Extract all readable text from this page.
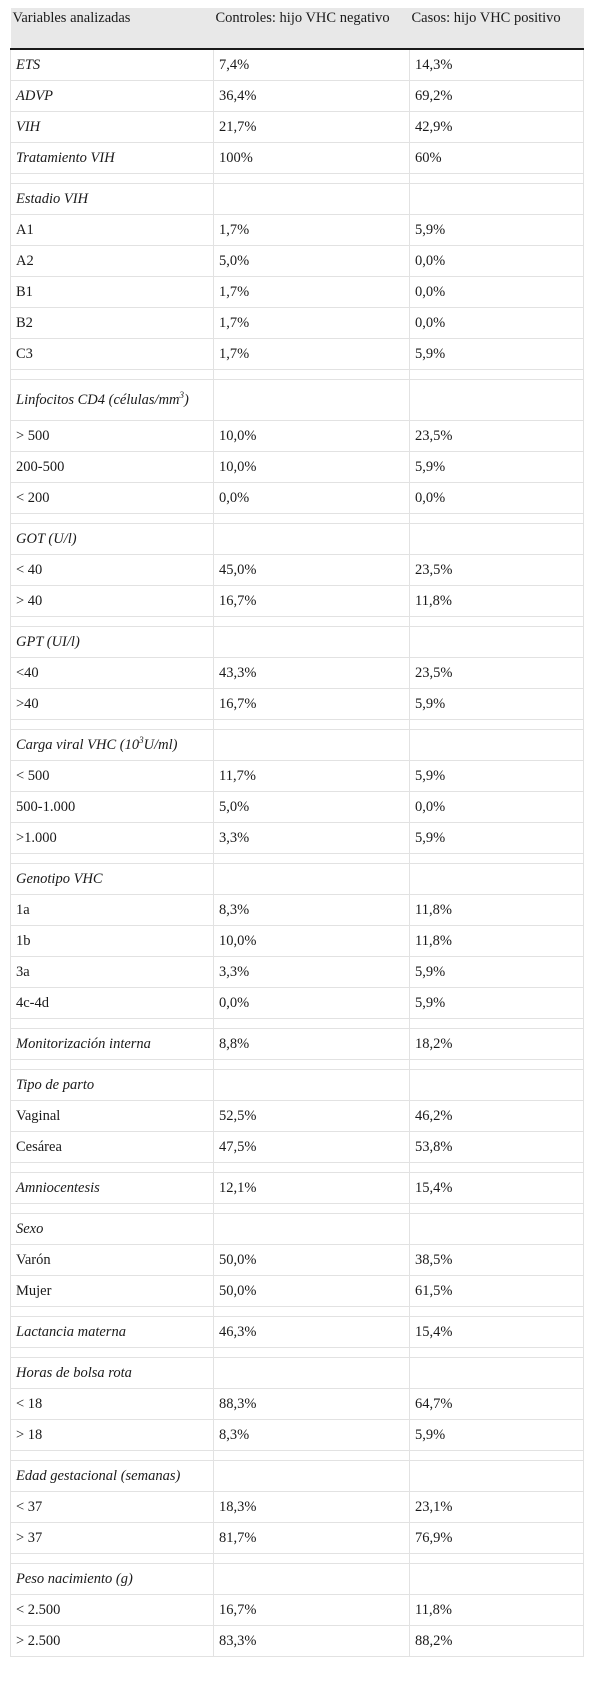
Variables analizadas	Controles: hijo VHC negativo	Casos: hijo VHC positivo
ETS	7,4%	14,3%
ADVP	36,4%	69,2%
VIH	21,7%	42,9%
Tratamiento VIH	100%	60%

Estadio VIH		
A1	1,7%	5,9%
A2	5,0%	0,0%
B1	1,7%	0,0%
B2	1,7%	0,0%
C3	1,7%	5,9%

Linfocitos CD4 $(células/mm^3)$		
> 500	10,0%	23,5%
200-500	10,0%	5,9%
< 200	0,0%	0,0%

GOT (U/l)		
< 40	45,0%	23,5%
> 40	16,7%	11,8%

GPT (UI/l)		
<40	43,3%	23,5%
>40	16,7%	5,9%

Carga viral VHC $(10^3U/ml)$		
< 500	11,7%	5,9%
500-1.000	5,0%	0,0%
>1.000	3,3%	5,9%

Genotipo VHC		
1a	8,3%	11,8%
1b	10,0%	11,8%
3a	3,3%	5,9%
4c-4d	0,0%	5,9%

Monitorización interna	8,8%	18,2%

Tipo de parto		
Vaginal	52,5%	46,2%
Cesárea	47,5%	53,8%

Amniocentesis	12,1%	15,4%

Sexo		
Varón	50,0%	38,5%
Mujer	50,0%	61,5%

Lactancia materna	46,3%	15,4%

Horas de bolsa rota		
< 18	88,3%	64,7%
> 18	8,3%	5,9%

Edad gestacional (semanas)		
< 37	18,3%	23,1%
> 37	81,7%	76,9%

Peso nacimiento (g)		
< 2.500	16,7%	11,8%
> 2.500	83,3%	88,2%
